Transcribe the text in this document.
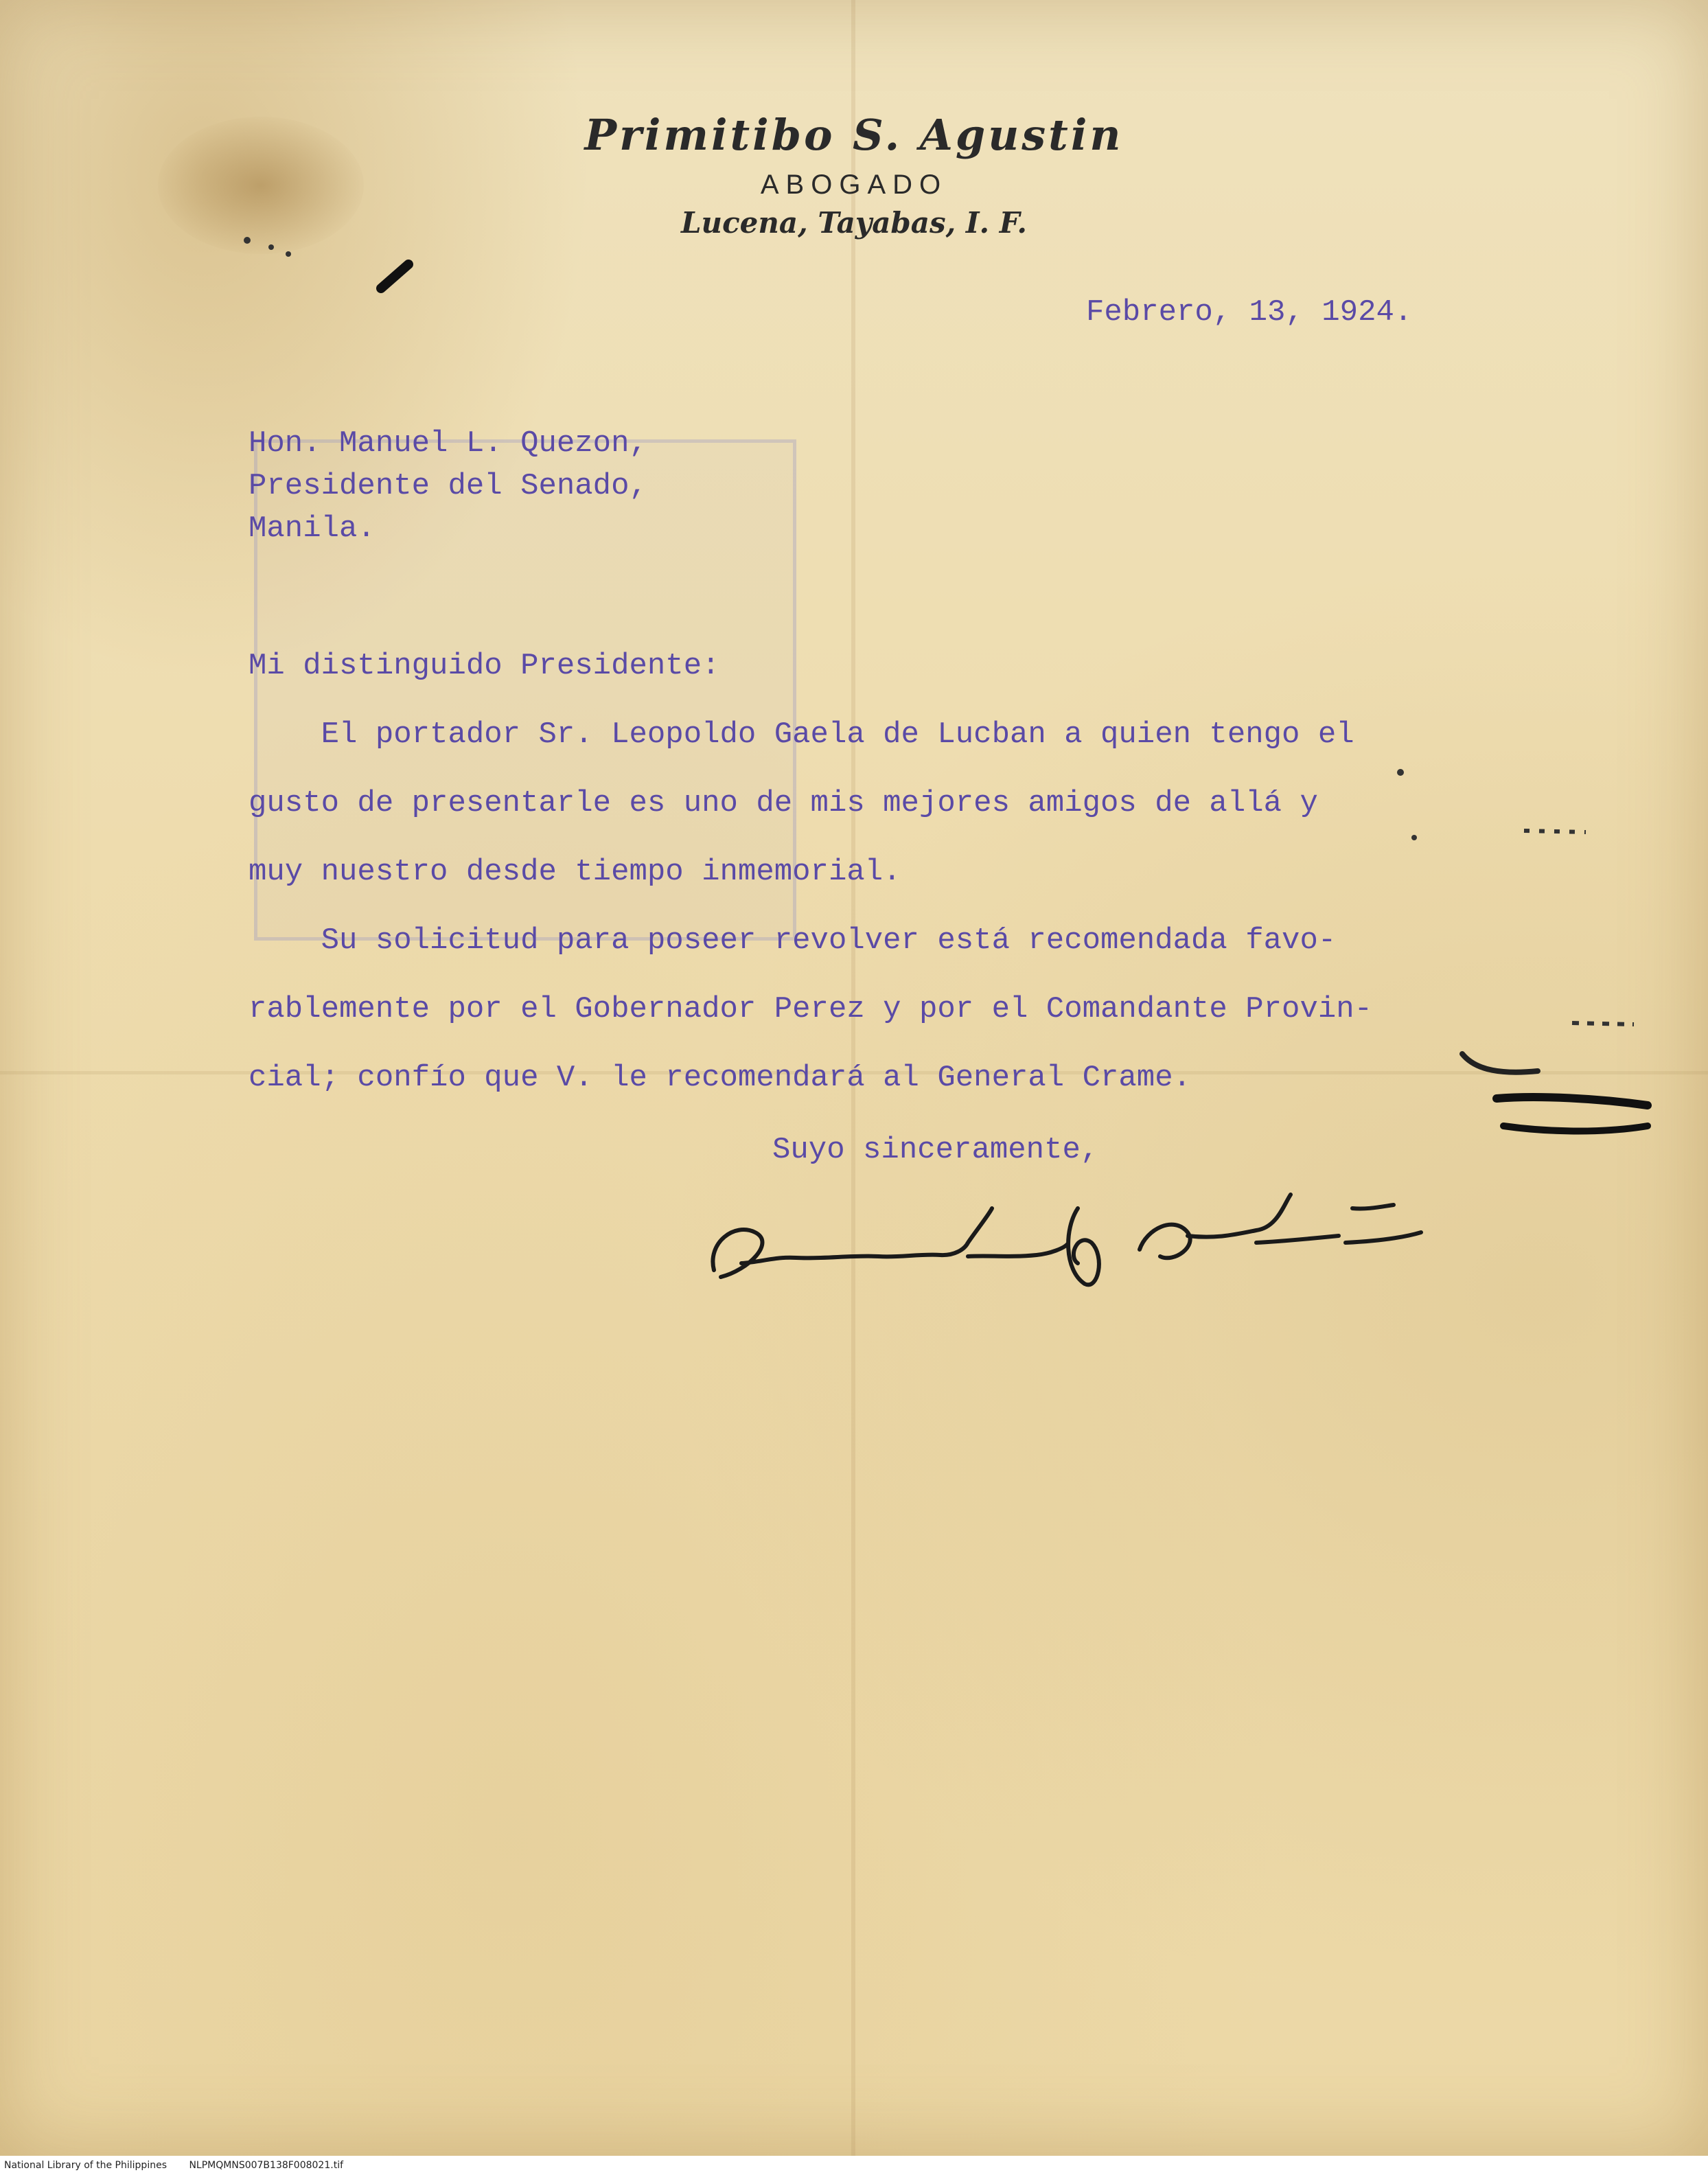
Primitibo S. Agustin
ABOGADO
Lucena, Tayabas, I. F.
Febrero, 13, 1924.
Hon. Manuel L. Quezon,
Presidente del Senado,
Manila.
Mi distinguido Presidente:
El portador Sr. Leopoldo Gaela de Lucban a quien tengo el
gusto de presentarle es uno de mis mejores amigos de allá y
muy nuestro desde tiempo inmemorial.
Su solicitud para poseer revolver está recomendada favo-
rablemente por el Gobernador Perez y por el Comandante Provin-
cial; confío que V. le recomendará al General Crame.
Suyo sinceramente,
National Library of the Philippines NLPMQMNS007B138F008021.tif
